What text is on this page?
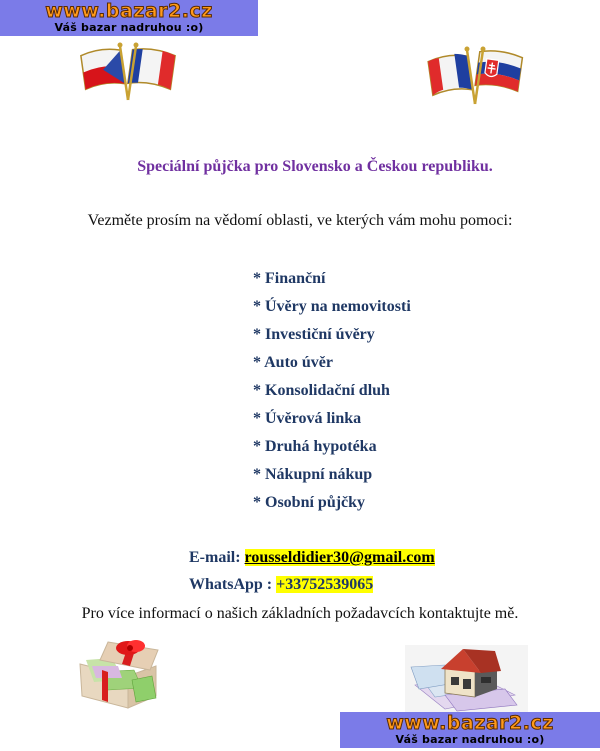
www.bazar2.cz
Váš bazar nadruhou :o)
Speciální půjčka pro Slovensko a Českou republiku.
Vezměte prosím na vědomí oblasti, ve kterých vám mohu pomoci:
* Finanční
* Úvěry na nemovitosti
* Investiční úvěry
* Auto úvěr
* Konsolidační dluh
* Úvěrová linka
* Druhá hypotéka
* Nákupní nákup
* Osobní půjčky
E-mail: rousseldidier30@gmail.com
WhatsApp : +33752539065
Pro více informací o našich základních požadavcích kontaktujte mě.
www.bazar2.cz
Váš bazar nadruhou :o)
